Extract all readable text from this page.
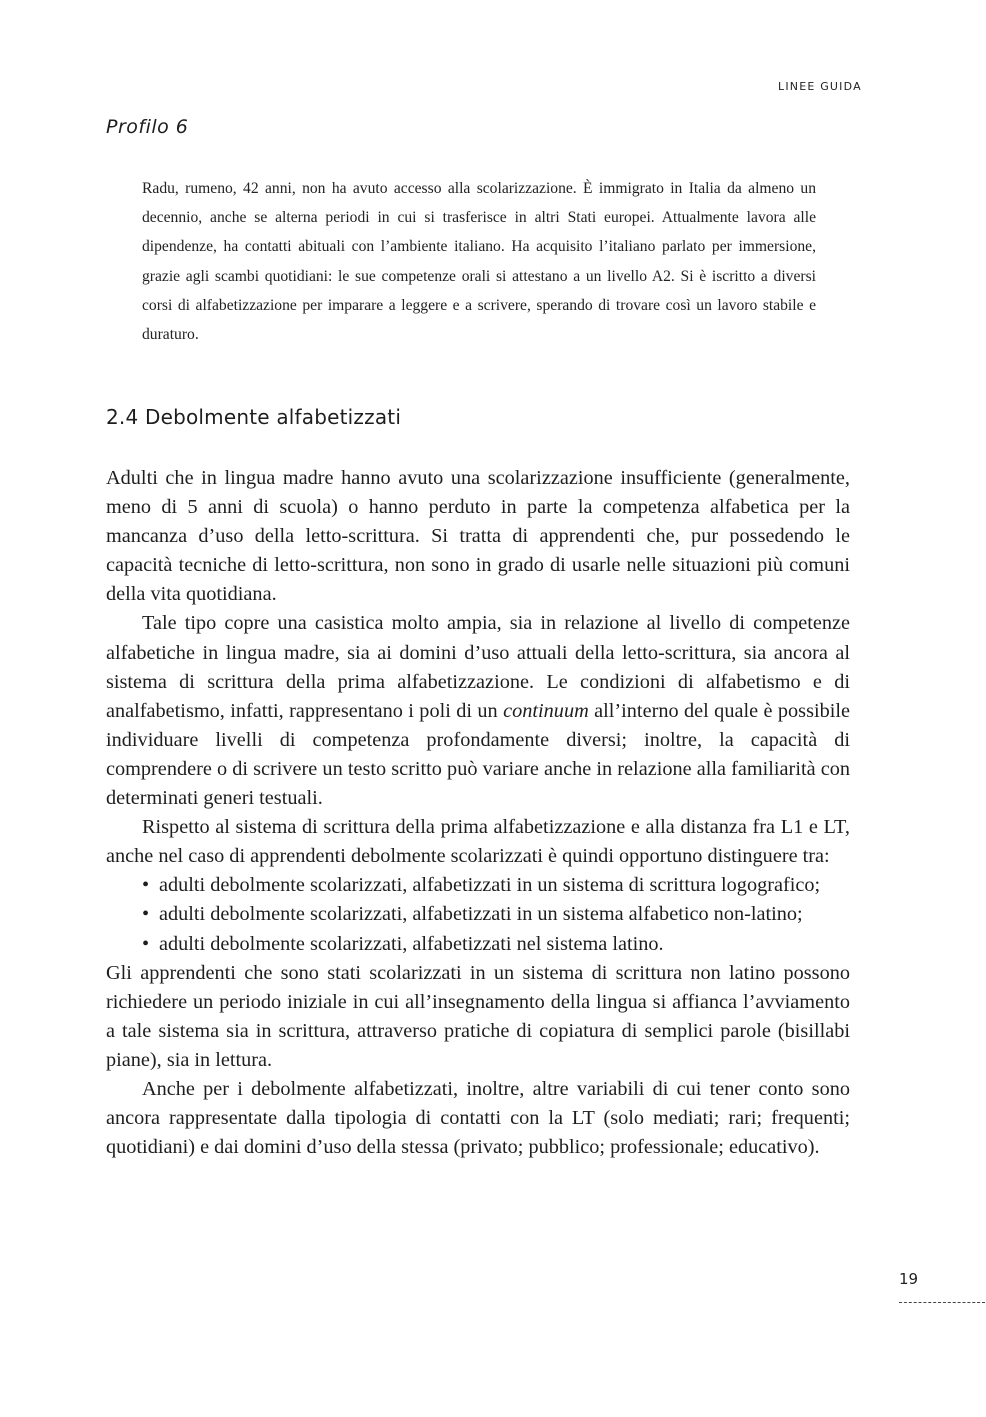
LINEE GUIDA
Profilo 6
Radu, rumeno, 42 anni, non ha avuto accesso alla scolarizzazione. È immigrato in Italia da almeno un decennio, anche se alterna periodi in cui si trasferisce in altri Stati europei. Attualmente lavora alle dipendenze, ha contatti abituali con l’ambiente italiano. Ha acquisito l’italiano parlato per immersione, grazie agli scambi quotidiani: le sue competenze orali si attestano a un livello A2. Si è iscritto a diversi corsi di alfabetizzazione per imparare a leggere e a scrivere, sperando di trovare così un lavoro stabile e duraturo.
2.4 Debolmente alfabetizzati

Adulti che in lingua madre hanno avuto una scolarizzazione insufficiente (generalmente, meno di 5 anni di scuola) o hanno perduto in parte la competenza alfabetica per la mancanza d’uso della letto-scrittura. Si tratta di apprendenti che, pur possedendo le capacità tecniche di letto-scrittura, non sono in grado di usarle nelle situazioni più comuni della vita quotidiana.

Tale tipo copre una casistica molto ampia, sia in relazione al livello di competenze alfabetiche in lingua madre, sia ai domini d’uso attuali della letto-scrittura, sia ancora al sistema di scrittura della prima alfabetizzazione. Le condizioni di alfabetismo e di analfabetismo, infatti, rappresentano i poli di un continuum all’interno del quale è possibile individuare livelli di competenza profondamente diversi; inoltre, la capacità di comprendere o di scrivere un testo scritto può variare anche in relazione alla familiarità con determinati generi testuali.

Rispetto al sistema di scrittura della prima alfabetizzazione e alla distanza fra L1 e LT, anche nel caso di apprendenti debolmente scolarizzati è quindi opportuno distinguere tra:

• adulti debolmente scolarizzati, alfabetizzati in un sistema di scrittura logografico;
• adulti debolmente scolarizzati, alfabetizzati in un sistema alfabetico non-latino;
• adulti debolmente scolarizzati, alfabetizzati nel sistema latino.

Gli apprendenti che sono stati scolarizzati in un sistema di scrittura non latino possono richiedere un periodo iniziale in cui all’insegnamento della lingua si affianca l’avviamento a tale sistema sia in scrittura, attraverso pratiche di copiatura di semplici parole (bisillabi piane), sia in lettura.

Anche per i debolmente alfabetizzati, inoltre, altre variabili di cui tener conto sono ancora rappresentate dalla tipologia di contatti con la LT (solo mediati; rari; frequenti; quotidiani) e dai domini d’uso della stessa (privato; pubblico; professionale; educativo).

19
